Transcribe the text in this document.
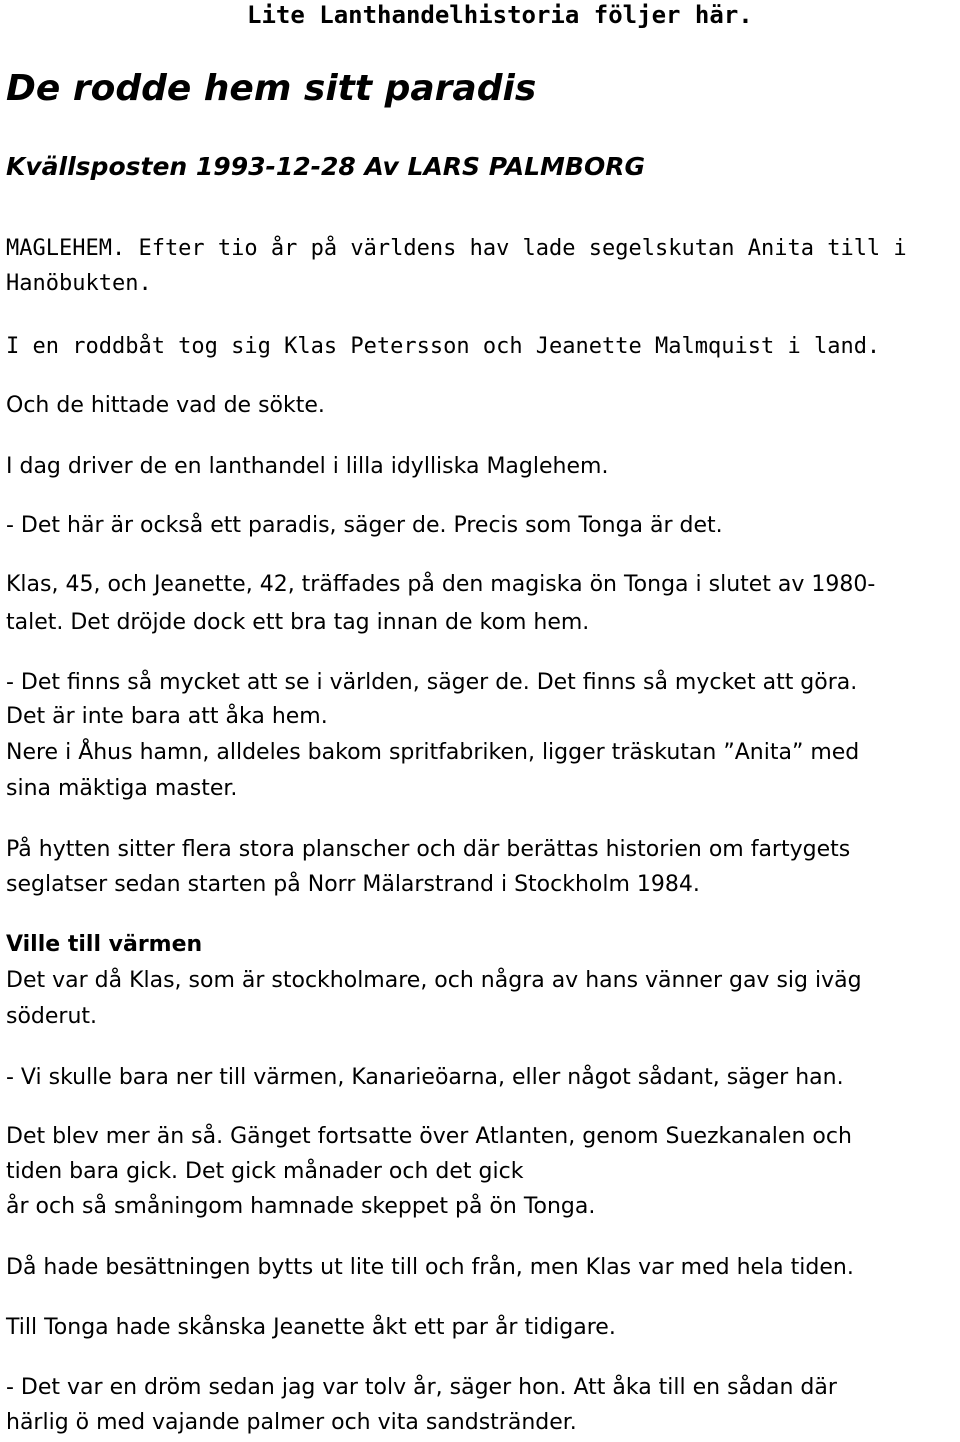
Lite Lanthandelhistoria följer här.

De rodde hem sitt paradis

Kvällsposten 1993-12-28 Av LARS PALMBORG

MAGLEHEM. Efter tio år på världens hav lade segelskutan Anita till i

Hanöbukten.

I en roddbåt tog sig Klas Petersson och Jeanette Malmquist i land.

Och de hittade vad de sökte.

I dag driver de en lanthandel i lilla idylliska Maglehem.

- Det här är också ett paradis, säger de. Precis som Tonga är det.

Klas, 45, och Jeanette, 42, träffades på den magiska ön Tonga i slutet av 1980-

talet. Det dröjde dock ett bra tag innan de kom hem.

- Det finns så mycket att se i världen, säger de. Det finns så mycket att göra.

Det är inte bara att åka hem.

Nere i Åhus hamn, alldeles bakom spritfabriken, ligger träskutan ”Anita” med

sina mäktiga master.

På hytten sitter flera stora planscher och där berättas historien om fartygets

seglatser sedan starten på Norr Mälarstrand i Stockholm 1984.

Ville till värmen

Det var då Klas, som är stockholmare, och några av hans vänner gav sig iväg

söderut.

- Vi skulle bara ner till värmen, Kanarieöarna, eller något sådant, säger han.

Det blev mer än så. Gänget fortsatte över Atlanten, genom Suezkanalen och

tiden bara gick. Det gick månader och det gick

år och så småningom hamnade skeppet på ön Tonga.

Då hade besättningen bytts ut lite till och från, men Klas var med hela tiden.

Till Tonga hade skånska Jeanette åkt ett par år tidigare.

- Det var en dröm sedan jag var tolv år, säger hon. Att åka till en sådan där

härlig ö med vajande palmer och vita sandstränder.
